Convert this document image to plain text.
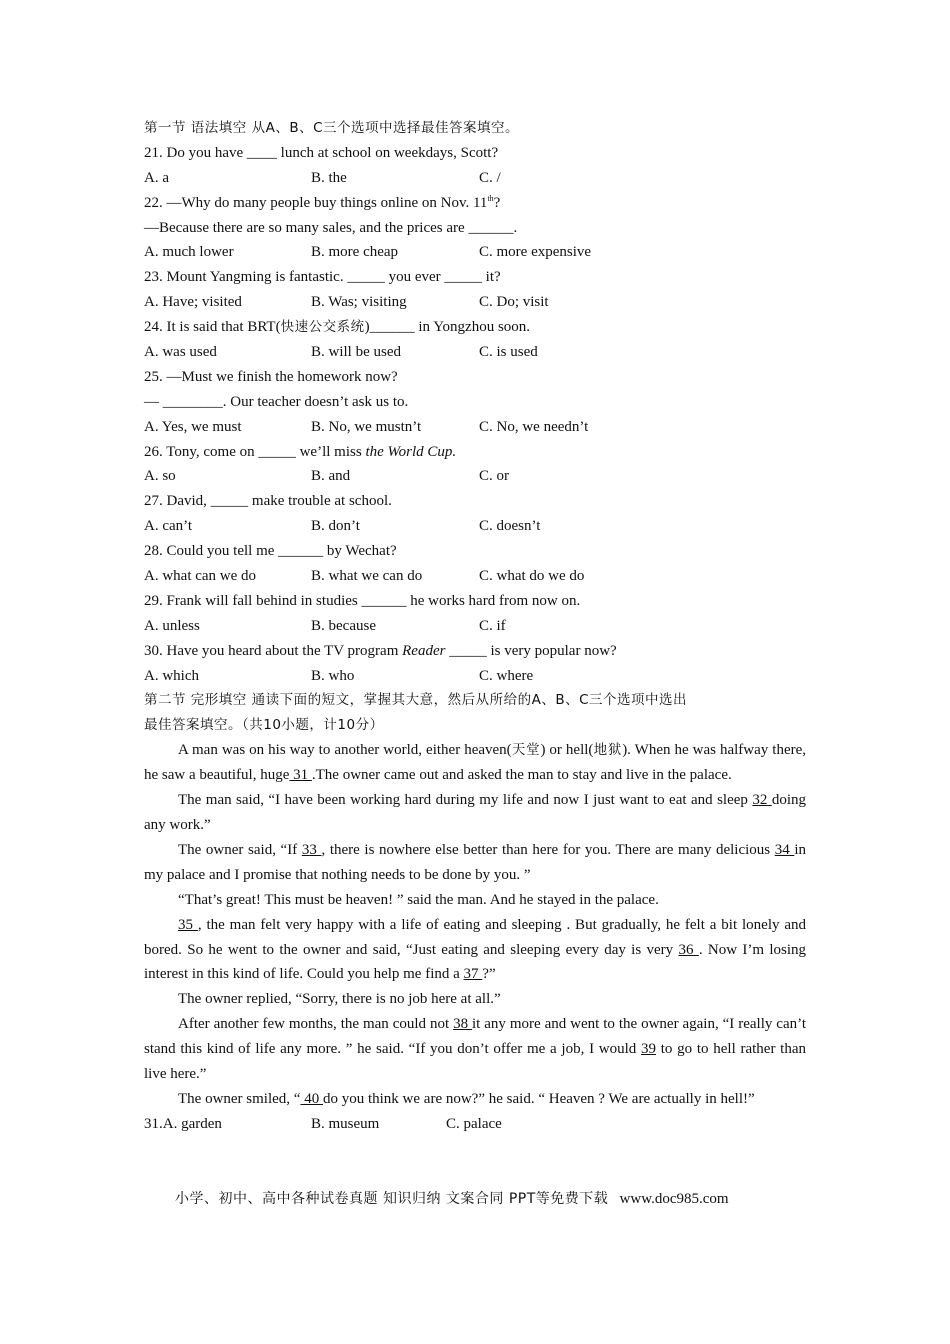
第一节 语法填空 从A、B、C三个选项中选择最佳答案填空。
21. Do you have ____ lunch at school on weekdays, Scott?
A. a	B. the	C. /
22. —Why do many people buy things online on Nov. 11th?
—Because there are so many sales, and the prices are ______.
A. much lower	B. more cheap	C. more expensive
23. Mount Yangming is fantastic. _____ you ever _____ it?
A. Have; visited	B. Was; visiting	C. Do; visit
24. It is said that BRT(快速公交系统)______ in Yongzhou soon.
A. was used	B. will be used	C. is used
25. —Must we finish the homework now?
— ________. Our teacher doesn’t ask us to.
A. Yes, we must	B. No, we mustn’t	C. No, we needn’t
26. Tony, come on _____ we’ll miss the World Cup.
A. so	B. and	C. or
27. David, _____ make trouble at school.
A. can’t	B. don’t	C. doesn’t
28. Could you tell me ______ by Wechat?
A. what can we do	B. what we can do	C. what do we do
29. Frank will fall behind in studies ______ he works hard from now on.
A. unless	B. because	C. if
30. Have you heard about the TV program Reader _____ is very popular now?
A. which	B. who	C. where
第二节 完形填空 通读下面的短文，掌握其大意，然后从所给的A、B、C三个选项中选出
最佳答案填空。（共10小题，计10分）

A man was on his way to another world, either heaven(天堂) or hell(地狱). When he was halfway there, he saw a beautiful, huge 31 .The owner came out and asked the man to stay and live in the palace.

The man said, “I have been working hard during my life and now I just want to eat and sleep 32 doing any work.”

The owner said, “If 33 , there is nowhere else better than here for you. There are many delicious 34 in my palace and I promise that nothing needs to be done by you. ”

“That’s great! This must be heaven! ” said the man. And he stayed in the palace.

35 , the man felt very happy with a life of eating and sleeping . But gradually, he felt a bit lonely and bored. So he went to the owner and said, “Just eating and sleeping every day is very 36 . Now I’m losing interest in this kind of life. Could you help me find a 37 ?”

The owner replied, “Sorry, there is no job here at all.”

After another few months, the man could not 38 it any more and went to the owner again, “I really can’t stand this kind of life any more. ” he said. “If you don’t offer me a job, I would 39 to go to hell rather than live here.”

The owner smiled, “ 40 do you think we are now?” he said. “ Heaven ? We are actually in hell!”

31.A. garden	B. museum	C. palace
小学、初中、高中各种试卷真题 知识归纳 文案合同 PPT等免费下载 www.doc985.com
